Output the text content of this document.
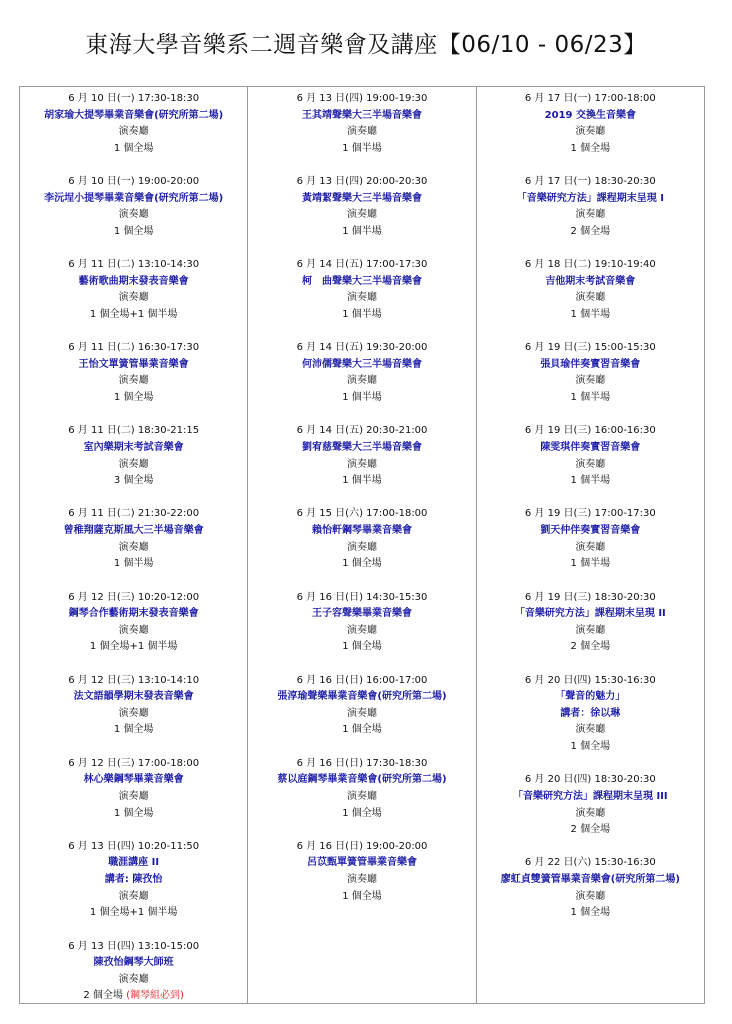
東海大學音樂系二週音樂會及講座【06/10 - 06/23】
6 月 10 日(一) 17:30-18:30
胡家瑜大提琴畢業音樂會(研究所第二場)
演奏廳
1 個全場
6 月 10 日(一) 19:00-20:00
李沅埕小提琴畢業音樂會(研究所第二場)
演奏廳
1 個全場
6 月 11 日(二) 13:10-14:30
藝術歌曲期末發表音樂會
演奏廳
1 個全場+1 個半場
6 月 11 日(二) 16:30-17:30
王怡文單簧管畢業音樂會
演奏廳
1 個全場
6 月 11 日(二) 18:30-21:15
室內樂期末考試音樂會
演奏廳
3 個全場
6 月 11 日(二) 21:30-22:00
曾稚翔薩克斯風大三半場音樂會
演奏廳
1 個半場
6 月 12 日(三) 10:20-12:00
鋼琴合作藝術期末發表音樂會
演奏廳
1 個全場+1 個半場
6 月 12 日(三) 13:10-14:10
法文語韻學期末發表音樂會
演奏廳
1 個全場
6 月 12 日(三) 17:00-18:00
林心樂鋼琴畢業音樂會
演奏廳
1 個全場
6 月 13 日(四) 10:20-11:50
職涯講座 II
講者: 陳孜怡
演奏廳
1 個全場+1 個半場
6 月 13 日(四) 13:10-15:00
陳孜怡鋼琴大師班
演奏廳
2 個全場 (鋼琴組必到)
6 月 13 日(四) 19:00-19:30
王其靖聲樂大三半場音樂會
演奏廳
1 個半場
6 月 13 日(四) 20:00-20:30
黃靖絜聲樂大三半場音樂會
演奏廳
1 個半場
6 月 14 日(五) 17:00-17:30
柯　曲聲樂大三半場音樂會
演奏廳
1 個半場
6 月 14 日(五) 19:30-20:00
何沛儒聲樂大三半場音樂會
演奏廳
1 個半場
6 月 14 日(五) 20:30-21:00
劉宥慈聲樂大三半場音樂會
演奏廳
1 個半場
6 月 15 日(六) 17:00-18:00
賴怡軒鋼琴畢業音樂會
演奏廳
1 個全場
6 月 16 日(日) 14:30-15:30
王子容聲樂畢業音樂會
演奏廳
1 個全場
6 月 16 日(日) 16:00-17:00
張淳瑜聲樂畢業音樂會(研究所第二場)
演奏廳
1 個全場
6 月 16 日(日) 17:30-18:30
蔡以庭鋼琴畢業音樂會(研究所第二場)
演奏廳
1 個全場
6 月 16 日(日) 19:00-20:00
呂苡甄單簧管畢業音樂會
演奏廳
1 個全場
6 月 17 日(一) 17:00-18:00
2019 交換生音樂會
演奏廳
1 個全場
6 月 17 日(一) 18:30-20:30
「音樂研究方法」課程期末呈現 I
演奏廳
2 個全場
6 月 18 日(二) 19:10-19:40
吉他期末考試音樂會
演奏廳
1 個半場
6 月 19 日(三) 15:00-15:30
張貝瑜伴奏實習音樂會
演奏廳
1 個半場
6 月 19 日(三) 16:00-16:30
陳雯琪伴奏實習音樂會
演奏廳
1 個半場
6 月 19 日(三) 17:00-17:30
劉天仲伴奏實習音樂會
演奏廳
1 個半場
6 月 19 日(三) 18:30-20:30
「音樂研究方法」課程期末呈現 II
演奏廳
2 個全場
6 月 20 日(四) 15:30-16:30
「聲音的魅力」
講者：徐以琳
演奏廳
1 個全場
6 月 20 日(四) 18:30-20:30
「音樂研究方法」課程期末呈現 III
演奏廳
2 個全場
6 月 22 日(六) 15:30-16:30
廖虹貞雙簧管畢業音樂會(研究所第二場)
演奏廳
1 個全場
